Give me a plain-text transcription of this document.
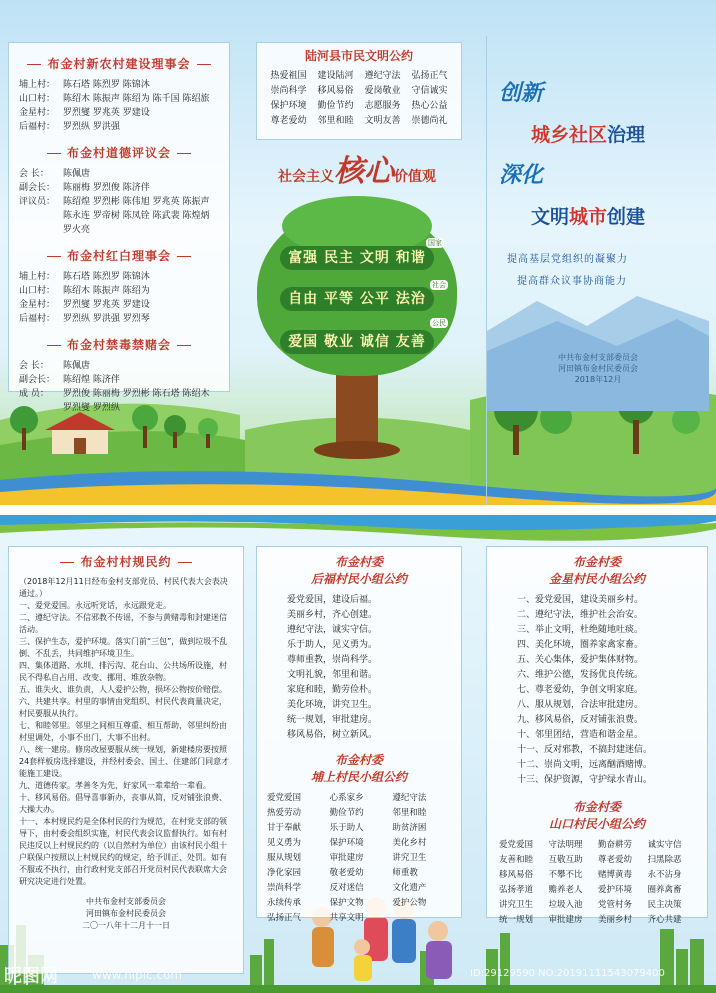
布金村新农村建设理事会
埔上村： 陈石塔 陈烈罗 陈锦沐
山口村： 陈绍木 陈振声 陈绍为 陈千国 陈绍旅
金星村： 罗烈燮 罗兆英 罗建设
后福村： 罗烈纵 罗洪强
布金村道德评议会
会 长： 陈佩唐
副会长： 陈丽梅 罗烈俊 陈济伴
评议员： 陈绍煌 罗烈彬 陈伟旭 罗兆英 陈振声
陈永连 罗帝树 陈凤铨 陈武裴 陈煌炳
罗火亮
布金村红白理事会
埔上村： 陈石塔 陈烈罗 陈锦沐
山口村： 陈绍木 陈振声 陈绍为
金星村： 罗烈燮 罗兆英 罗建设
后福村： 罗烈纵 罗洪强 罗烈琴
布金村禁毒禁赌会
会 长： 陈佩唐
副会长： 陈绍煌 陈济伴
成 员： 罗烈俊 陈丽梅 罗烈彬 陈石塔 陈绍木
罗烈燮 罗烈纵
陆河县市民文明公约
热爱祖国	建设陆河	遵纪守法	弘扬正气
崇尚科学	移风易俗	爱岗敬业	守信诚实
保护环境	勤俭节约	志愿服务	热心公益
尊老爱幼	邻里和睦	文明友善	崇德尚礼
社会主义核心价值观
富强 民主 文明 和谐
自由 平等 公平 法治
爱国 敬业 诚信 友善
国家
社会
公民
创新
城乡社区治理
深化
文明城市创建
提高基层党组织的凝聚力
提高群众议事协商能力
中共布金村支部委员会
河田镇布金村民委员会
2018年12月
布金村村规民约
（2018年12月11日经布金村支部党员、村民代表大会表决通过。）
一、爱党爱国。永远听党话，永远跟党走。
二、遵纪守法。不信邪教不传谣，不参与黄赌毒和封建迷信活动。
三、保护生态，爱护环境。落实门前“三包”，做到垃圾不乱倒、不乱丢，共同维护环境卫生。
四、集体道路、水圳、排污沟、花台山、公共场所设施，村民不得私自占用、改变、挪用、堆放杂物。
五、谁失火、谁负责，人人爱护公物，损坏公物按价赔偿。
六、共建共享。村里的事情由党组织、村民代表商量决定，村民要服从执行。
七、和睦邻里。邻里之间相互尊重、相互帮助，邻里纠纷由村里调处，小事不出门，大事不出村。
八、统一建房。修房改屋要服从统一规划，新建楼房要按照24套样板房选择建设，并经村委会、国土、住建部门同意才能施工建设。
九、道德传家。孝善冬为先，好家风一辈辈给一辈看。
十、移风易俗。倡导喜事新办，丧事从简，反对铺张浪费、大操大办。
十一、本村规民约是全体村民的行为规范，在村党支部的领导下，由村委会组织实施，村民代表会议监督执行。如有村民违反以上村规民约的（以自然村为单位）由该村民小组十户联保户按照以上村规民约的规定，给予训正、处罚。如有不服或不执行，由行政村党支部召开党员村民代表联席大会研究决定进行处置。
中共布金村支部委员会
河田镇布金村民委员会
二〇一八年十二月十一日
布金村委
后福村民小组公约
爱党爱国，建设后福。
美丽乡村，齐心创建。
遵纪守法，诚实守信。
乐于助人，见义勇为。
尊师重教，崇尚科学。
文明礼貌，邻里和谐。
家庭和睦，勤劳俭朴。
美化环境，讲究卫生。
统一规划，审批建房。
移风易俗，树立新风。
布金村委
埔上村民小组公约
爱党爱国	心系家乡	遵纪守法
热爱劳动	勤俭节约	邻里和睦
甘于奉献	乐于助人	助贫济困
见义勇为	保护环境	美化乡村
服从规划	审批建房	讲究卫生
净化家园	敬老爱幼	师重教
崇尚科学	反对迷信	文化遗产
永续传承	保护文物	爱护公物
弘扬正气	共享文明
布金村委
金星村民小组公约
一、爱党爱国，建设美丽乡村。
二、遵纪守法，维护社会治安。
三、举止文明，杜绝随地吐痰。
四、美化环境，圈养家禽家畜。
五、关心集体，爱护集体财物。
六、维护公德，发扬优良传统。
七、尊老爱幼，争创文明家庭。
八、服从规划，合法审批建房。
九、移风易俗，反对铺张浪费。
十、邻里团结，营造和谐金星。
十一、反对邪教，不搞封建迷信。
十二、崇尚文明，远离酗酒赌博。
十三、保护资源，守护绿水青山。
布金村委
山口村民小组公约
爱党爱国	守法明理	勤奋耕劳	诚实守信
友善和睦	互敬互助	尊老爱幼	扫黑除恶
移风易俗	不攀不比	赌博黄毒	永不沾身
弘扬孝道	赡养老人	爱护环境	圈养禽畜
讲究卫生	垃圾入池	党管村务	民主决策
统一规划	审批建房	美丽乡村	齐心共建
昵图网	www.nipic.com	ID:29129590 NO:20191111543079400
